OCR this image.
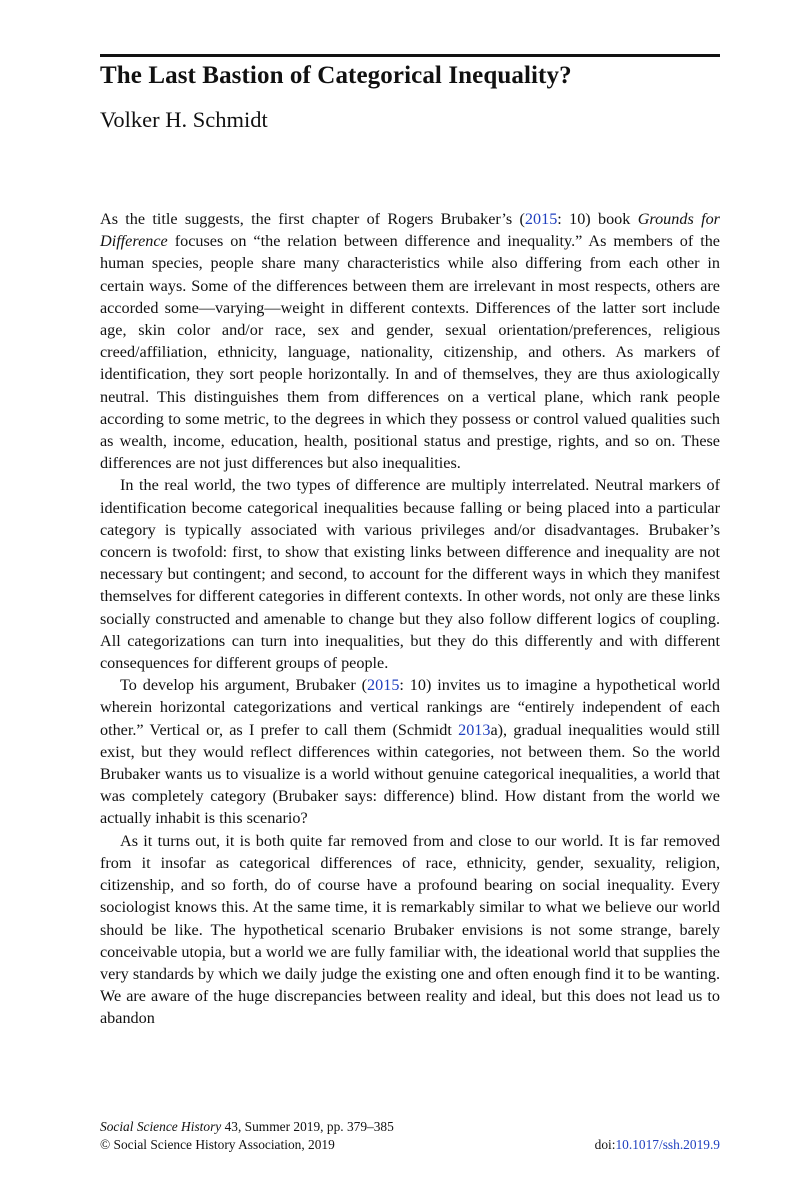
The Last Bastion of Categorical Inequality?
Volker H. Schmidt

As the title suggests, the first chapter of Rogers Brubaker’s (2015: 10) book Grounds for Difference focuses on “the relation between difference and inequality.” As members of the human species, people share many characteristics while also differing from each other in certain ways. Some of the differences between them are irrelevant in most respects, others are accorded some—varying—weight in different contexts. Differences of the latter sort include age, skin color and/or race, sex and gender, sexual orientation/preferences, religious creed/affiliation, ethnicity, language, nationality, citizenship, and others. As markers of identification, they sort people horizontally. In and of themselves, they are thus axiologically neutral. This distinguishes them from differences on a vertical plane, which rank people according to some metric, to the degrees in which they possess or control valued qualities such as wealth, income, education, health, positional status and prestige, rights, and so on. These differences are not just differences but also inequalities.

In the real world, the two types of difference are multiply interrelated. Neutral markers of identification become categorical inequalities because falling or being placed into a particular category is typically associated with various privileges and/or disadvantages. Brubaker’s concern is twofold: first, to show that existing links between difference and inequality are not necessary but contingent; and second, to account for the different ways in which they manifest themselves for different categories in different contexts. In other words, not only are these links socially constructed and amenable to change but they also follow different logics of coupling. All categorizations can turn into inequalities, but they do this differently and with different consequences for different groups of people.

To develop his argument, Brubaker (2015: 10) invites us to imagine a hypothetical world wherein horizontal categorizations and vertical rankings are “entirely independent of each other.” Vertical or, as I prefer to call them (Schmidt 2013a), gradual inequalities would still exist, but they would reflect differences within categories, not between them. So the world Brubaker wants us to visualize is a world without genuine categorical inequalities, a world that was completely category (Brubaker says: difference) blind. How distant from the world we actually inhabit is this scenario?

As it turns out, it is both quite far removed from and close to our world. It is far removed from it insofar as categorical differences of race, ethnicity, gender, sexuality, religion, citizenship, and so forth, do of course have a profound bearing on social inequality. Every sociologist knows this. At the same time, it is remarkably similar to what we believe our world should be like. The hypothetical scenario Brubaker envisions is not some strange, barely conceivable utopia, but a world we are fully familiar with, the ideational world that supplies the very standards by which we daily judge the existing one and often enough find it to be wanting. We are aware of the huge discrepancies between reality and ideal, but this does not lead us to abandon

Social Science History 43, Summer 2019, pp. 379–385
© Social Science History Association, 2019	doi:10.1017/ssh.2019.9
